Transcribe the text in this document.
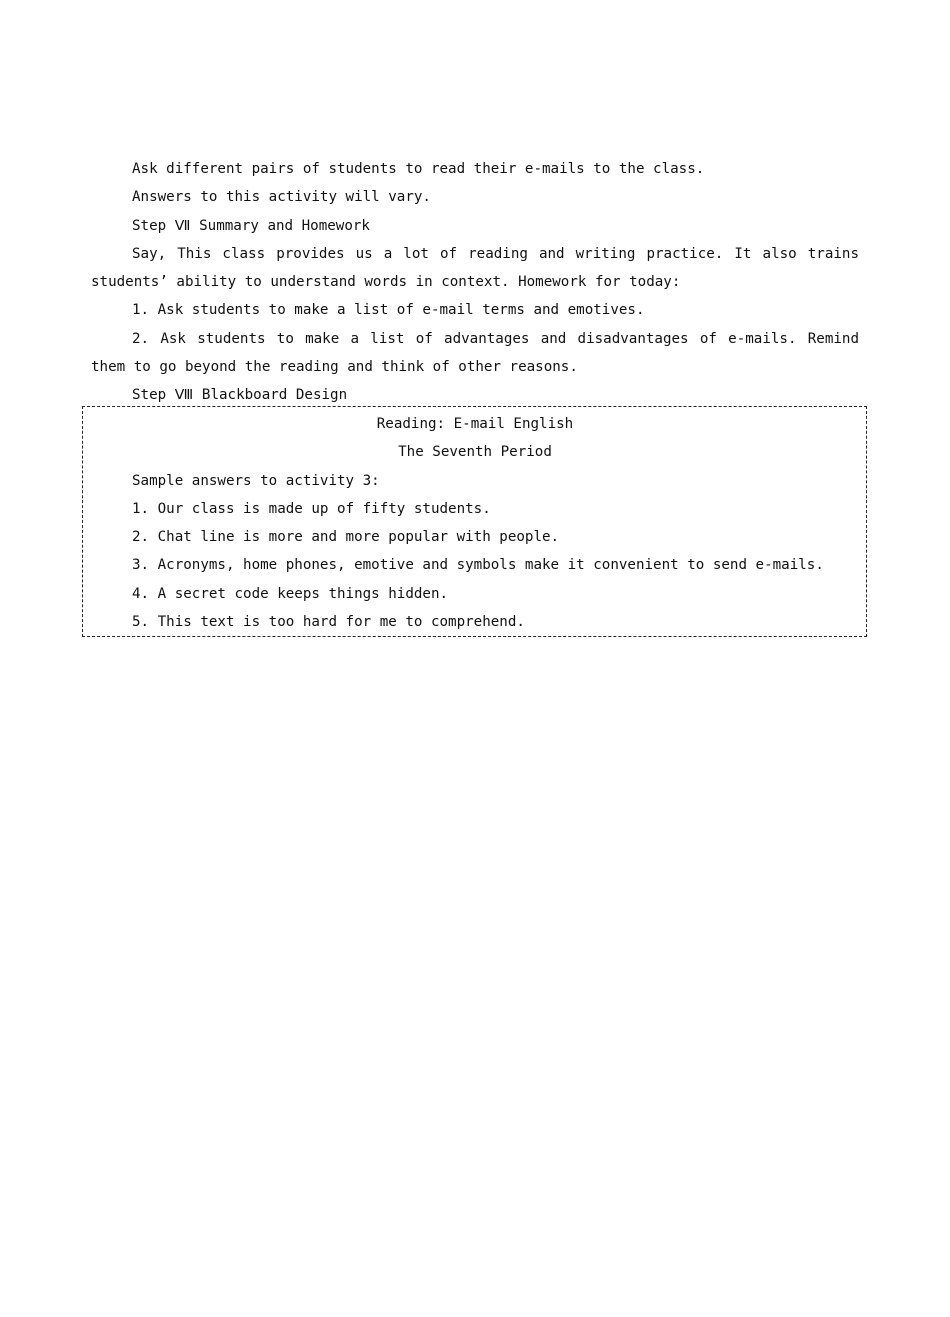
Ask different pairs of students to read their e-mails to the class.

Answers to this activity will vary.

Step Ⅶ Summary and Homework

Say, This class provides us a lot of reading and writing practice. It also trains students’ ability to understand words in context. Homework for today:

1. Ask students to make a list of e-mail terms and emotives.

2. Ask students to make a list of advantages and disadvantages of e-mails. Remind them to go beyond the reading and think of other reasons.

Step Ⅷ Blackboard Design

Reading: E-mail English

The Seventh Period

Sample answers to activity 3:

1. Our class is made up of fifty students.

2. Chat line is more and more popular with people.

3. Acronyms, home phones, emotive and symbols make it convenient to send e-mails.

4. A secret code keeps things hidden.

5. This text is too hard for me to comprehend.
